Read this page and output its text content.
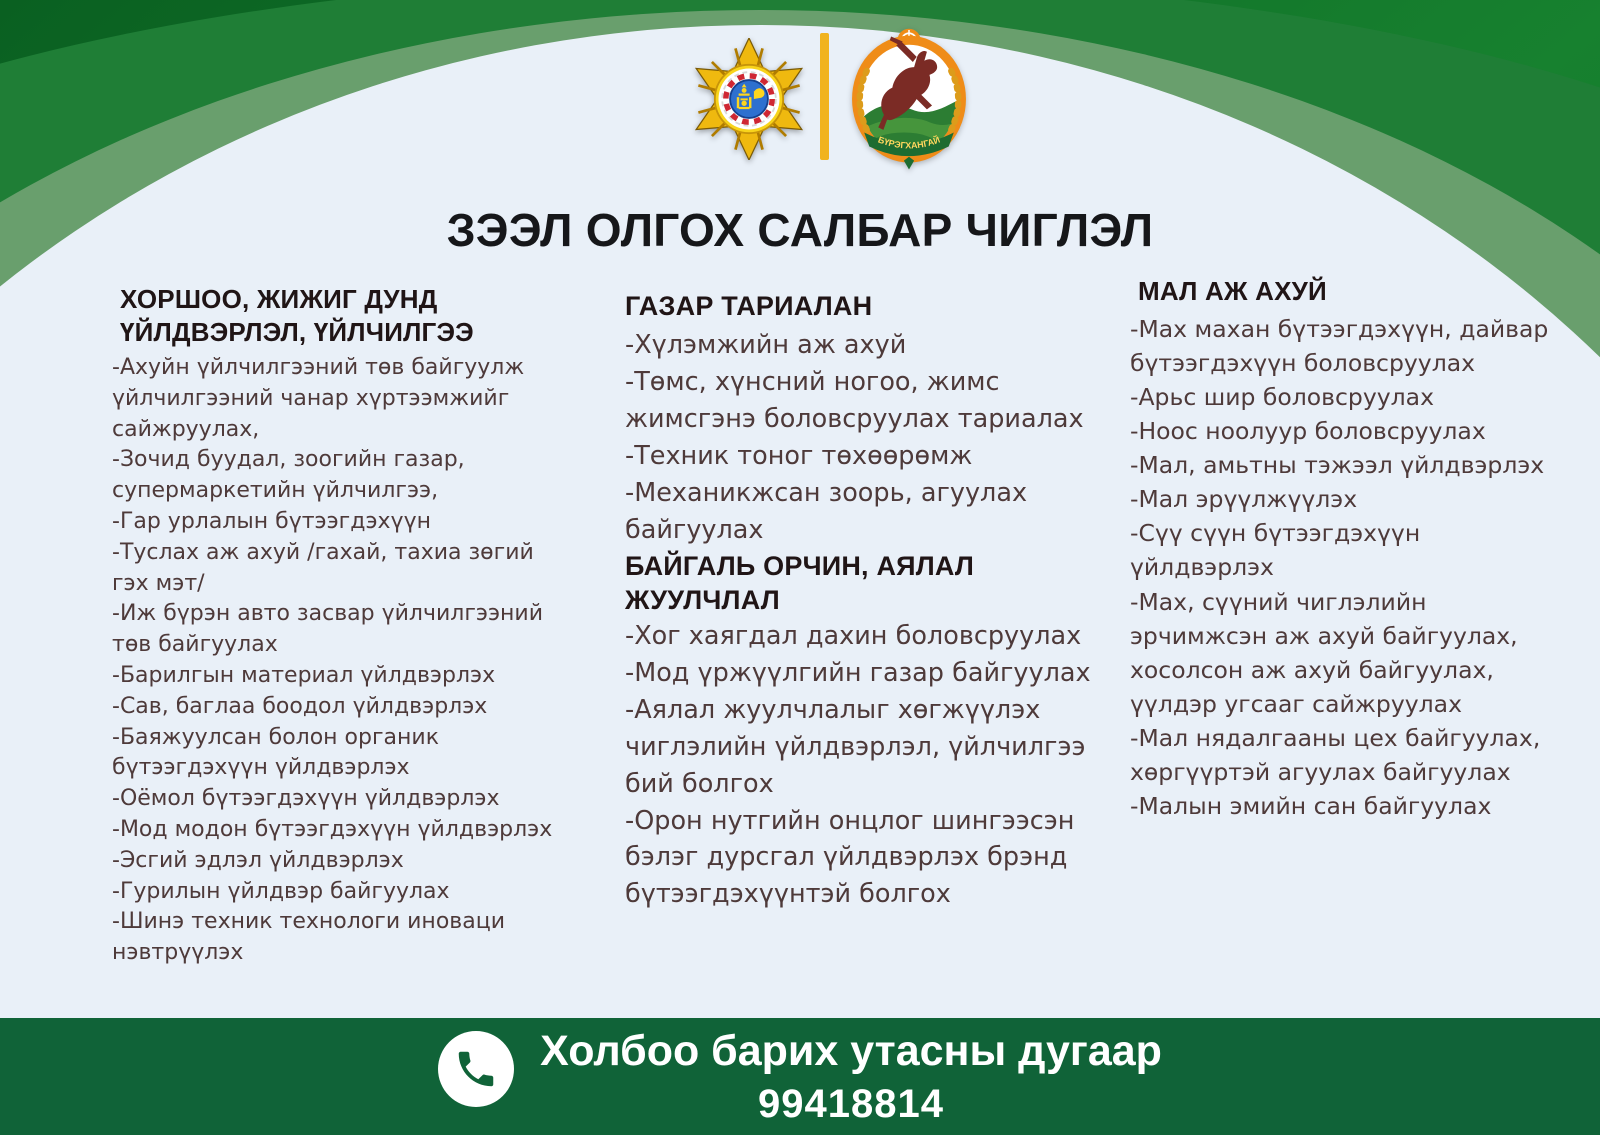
БҮРЭГХАНГАЙ
ЗЭЭЛ ОЛГОХ САЛБАР ЧИГЛЭЛ
ХОРШОО, ЖИЖИГ ДУНД ҮЙЛДВЭРЛЭЛ, ҮЙЛЧИЛГЭЭ

-Ахуйн үйлчилгээний төв байгуулж үйлчилгээний чанар хүртээмжийг сайжруулах,

-Зочид буудал, зоогийн газар, супермаркетийн үйлчилгээ,

-Гар урлалын бүтээгдэхүүн

-Туслах аж ахуй /гахай, тахиа зөгий гэх мэт/

-Иж бүрэн авто засвар үйлчилгээний төв байгуулах

-Барилгын материал үйлдвэрлэх

-Сав, баглаа боодол үйлдвэрлэх

-Баяжуулсан болон органик бүтээгдэхүүн үйлдвэрлэх

-Оёмол бүтээгдэхүүн үйлдвэрлэх

-Мод модон бүтээгдэхүүн үйлдвэрлэх

-Эсгий эдлэл үйлдвэрлэх

-Гурилын үйлдвэр байгуулах

-Шинэ техник технологи иноваци нэвтрүүлэх

ГАЗАР ТАРИАЛАН

-Хүлэмжийн аж ахуй

-Төмс, хүнсний ногоо, жимс жимсгэнэ боловсруулах тариалах

-Техник тоног төхөөрөмж

-Механикжсан зоорь, агуулах байгуулах

БАЙГАЛЬ ОРЧИН, АЯЛАЛ ЖУУЛЧЛАЛ

-Хог хаягдал дахин боловсруулах

-Мод үржүүлгийн газар байгуулах

-Аялал жуулчлалыг хөгжүүлэх чиглэлийн үйлдвэрлэл, үйлчилгээ бий болгох

-Орон нутгийн онцлог шингээсэн бэлэг дурсгал үйлдвэрлэх брэнд бүтээгдэхүүнтэй болгох

МАЛ АЖ АХУЙ

-Мах махан бүтээгдэхүүн, дайвар бүтээгдэхүүн боловсруулах

-Арьс шир боловсруулах

-Ноос ноолуур боловсруулах

-Мал, амьтны тэжээл үйлдвэрлэх

-Мал эрүүлжүүлэх

-Сүү сүүн бүтээгдэхүүн үйлдвэрлэх

-Мах, сүүний чиглэлийн эрчимжсэн аж ахуй байгуулах, хосолсон аж ахуй байгуулах, үүлдэр угсааг сайжруулах

-Мал нядалгааны цех байгуулах, хөргүүртэй агуулах байгуулах

-Малын эмийн сан байгуулах

Холбоо барих утасны дугаар
99418814
